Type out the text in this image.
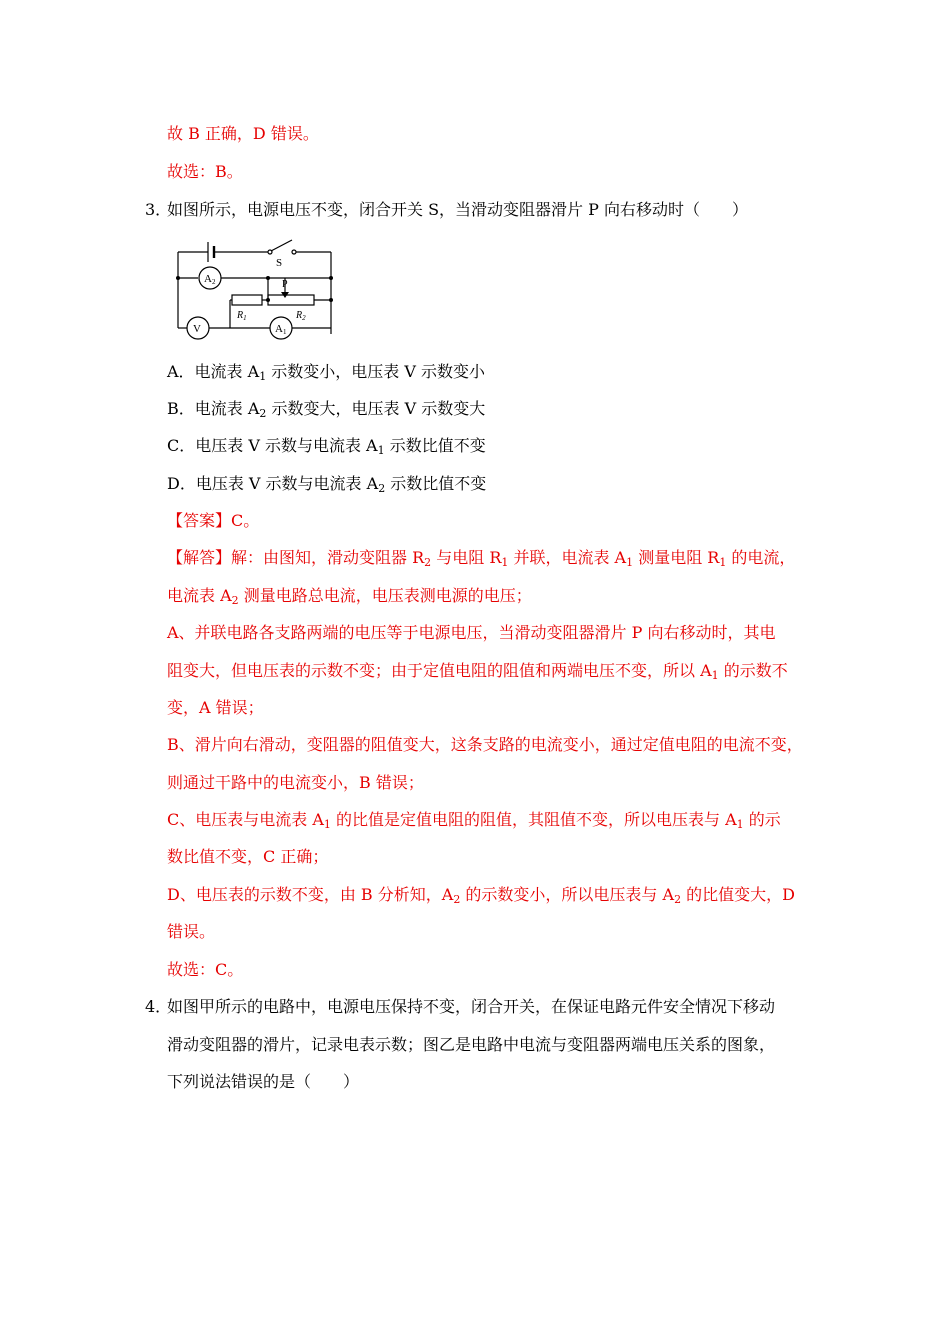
故 B 正确，D 错误。
故选：B。
3．
如图所示，电源电压不变，闭合开关 S，当滑动变阻器滑片 P 向右移动时（　　）
S
P
$R_1$	$R_2$
A2
A1
V
A．电流表 $A_1$ 示数变小，电压表 V 示数变小
B．电流表 $A_2$ 示数变大，电压表 V 示数变大
C．电压表 V 示数与电流表 $A_1$ 示数比值不变
D．电压表 V 示数与电流表 $A_2$ 示数比值不变
【答案】C。
【解答】解：由图知，滑动变阻器 $R_2$ 与电阻 $R_1$ 并联，电流表 $A_1$ 测量电阻 $R_1$ 的电流，
电流表 $A_2$ 测量电路总电流，电压表测电源的电压；
A、并联电路各支路两端的电压等于电源电压，当滑动变阻器滑片 P 向右移动时，其电
阻变大，但电压表的示数不变；由于定值电阻的阻值和两端电压不变，所以 $A_1$ 的示数不
变，A 错误；
B、滑片向右滑动，变阻器的阻值变大，这条支路的电流变小，通过定值电阻的电流不变，
则通过干路中的电流变小，B 错误；
C、电压表与电流表 $A_1$ 的比值是定值电阻的阻值，其阻值不变，所以电压表与 $A_1$ 的示
数比值不变，C 正确；
D、电压表的示数不变，由 B 分析知，$A_2$ 的示数变小，所以电压表与 $A_2$ 的比值变大，D
错误。
故选：C。
4．
如图甲所示的电路中，电源电压保持不变，闭合开关，在保证电路元件安全情况下移动
滑动变阻器的滑片，记录电表示数；图乙是电路中电流与变阻器两端电压关系的图象，
下列说法错误的是（　　）
